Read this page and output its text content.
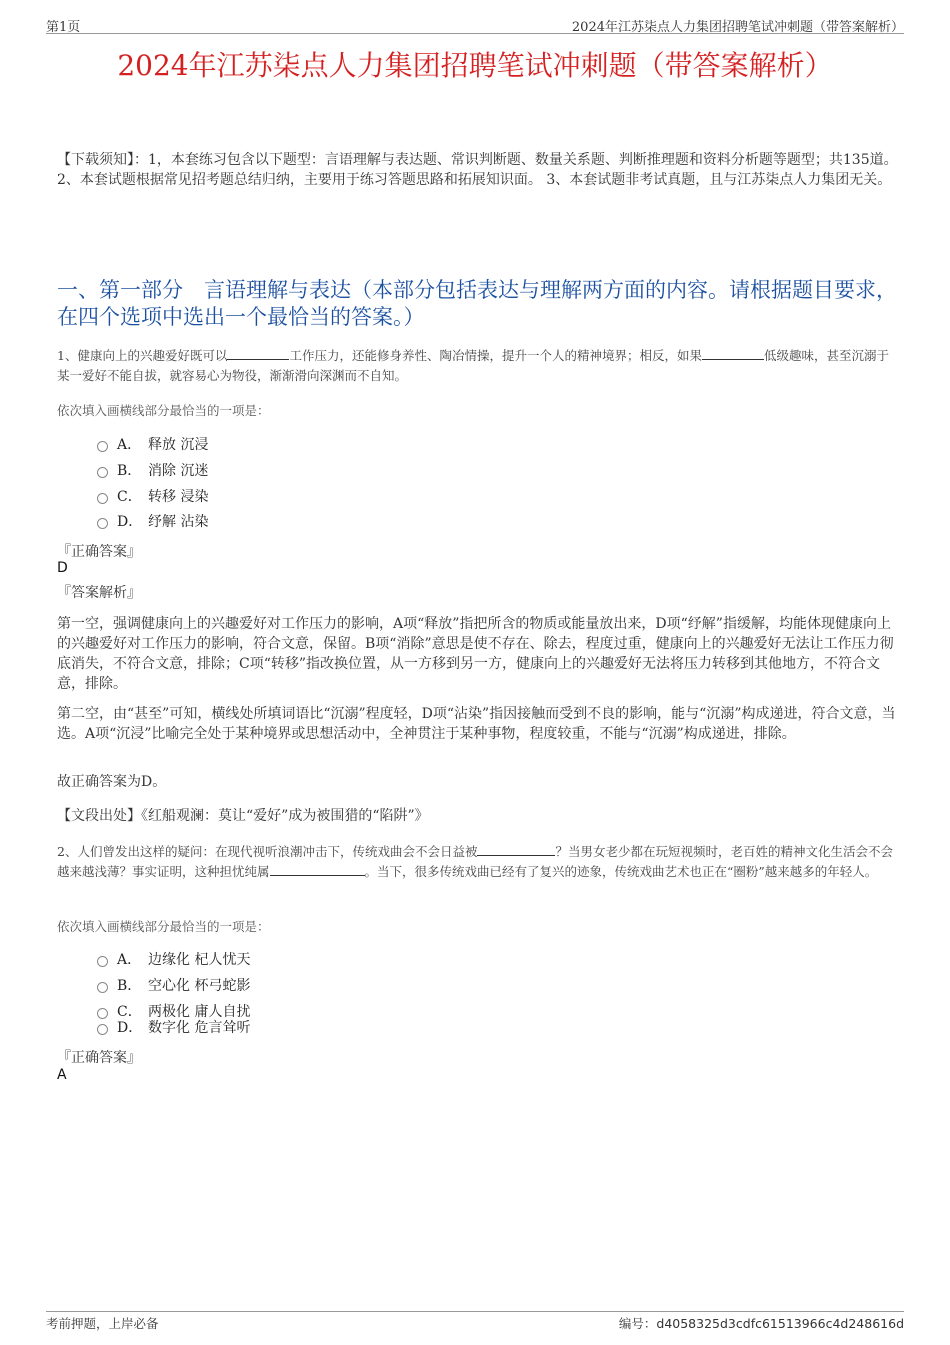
第1页	2024年江苏柒点人力集团招聘笔试冲刺题（带答案解析）
2024年江苏柒点人力集团招聘笔试冲刺题（带答案解析）
【下载须知】：1，本套练习包含以下题型：言语理解与表达题、常识判断题、数量关系题、判断推理题和资料分析题等题型；共135道。 2、本套试题根据常见招考题总结归纳，主要用于练习答题思路和拓展知识面。 3、本套试题非考试真题，且与江苏柒点人力集团无关。
一、第一部分　言语理解与表达（本部分包括表达与理解两方面的内容。请根据题目要求，在四个选项中选出一个最恰当的答案。）
1、健康向上的兴趣爱好既可以	工作压力，还能修身养性、陶冶情操，提升一个人的精神境界；相反，如果	低级趣味，甚至沉溺于某一爱好不能自拔，就容易心为物役，渐渐滑向深渊而不自知。
依次填入画横线部分最恰当的一项是：
A． 释放 沉浸
B． 消除 沉迷
C． 转移 浸染
D． 纾解 沾染
『正确答案』
D
『答案解析』
第一空，强调健康向上的兴趣爱好对工作压力的影响，A项“释放”指把所含的物质或能量放出来，D项“纾解”指缓解，均能体现健康向上的兴趣爱好对工作压力的影响，符合文意，保留。B项“消除”意思是使不存在、除去，程度过重，健康向上的兴趣爱好无法让工作压力彻底消失，不符合文意，排除；C项“转移”指改换位置，从一方移到另一方，健康向上的兴趣爱好无法将压力转移到其他地方，不符合文意，排除。
第二空，由“甚至”可知，横线处所填词语比“沉溺”程度轻，D项“沾染”指因接触而受到不良的影响，能与“沉溺”构成递进，符合文意，当选。A项“沉浸”比喻完全处于某种境界或思想活动中，全神贯注于某种事物，程度较重，不能与“沉溺”构成递进，排除。
故正确答案为D。
【文段出处】《红船观澜：莫让“爱好”成为被围猎的“陷阱”》
2、人们曾发出这样的疑问：在现代视听浪潮冲击下，传统戏曲会不会日益被	？当男女老少都在玩短视频时，老百姓的精神文化生活会不会越来越浅薄？事实证明，这种担忧纯属	。当下，很多传统戏曲已经有了复兴的迹象，传统戏曲艺术也正在“圈粉”越来越多的年轻人。
依次填入画横线部分最恰当的一项是：
A． 边缘化 杞人忧天
B． 空心化 杯弓蛇影
C． 两极化 庸人自扰
D． 数字化 危言耸听
『正确答案』
A
考前押题，上岸必备	编号：d4058325d3cdfc61513966c4d248616d
